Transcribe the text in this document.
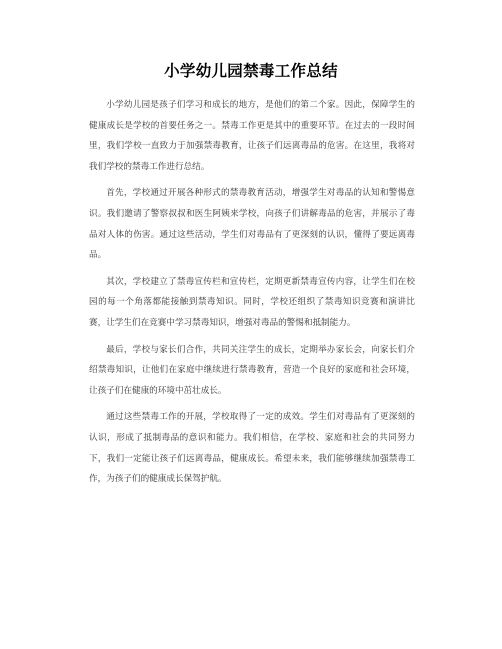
小学幼儿园禁毒工作总结

小学幼儿园是孩子们学习和成长的地方，是他们的第二个家。因此，保障学生的健康成长是学校的首要任务之一。禁毒工作更是其中的重要环节。在过去的一段时间里，我们学校一直致力于加强禁毒教育，让孩子们远离毒品的危害。在这里，我将对我们学校的禁毒工作进行总结。

首先，学校通过开展各种形式的禁毒教育活动，增强学生对毒品的认知和警惕意识。我们邀请了警察叔叔和医生阿姨来学校，向孩子们讲解毒品的危害，并展示了毒品对人体的伤害。通过这些活动，学生们对毒品有了更深刻的认识，懂得了要远离毒品。

其次，学校建立了禁毒宣传栏和宣传栏，定期更新禁毒宣传内容，让学生们在校园的每一个角落都能接触到禁毒知识。同时，学校还组织了禁毒知识竞赛和演讲比赛，让学生们在竞赛中学习禁毒知识，增强对毒品的警惕和抵制能力。

最后，学校与家长们合作，共同关注学生的成长，定期举办家长会，向家长们介绍禁毒知识，让他们在家庭中继续进行禁毒教育，营造一个良好的家庭和社会环境，让孩子们在健康的环境中茁壮成长。

通过这些禁毒工作的开展，学校取得了一定的成效。学生们对毒品有了更深刻的认识，形成了抵制毒品的意识和能力。我们相信，在学校、家庭和社会的共同努力下，我们一定能让孩子们远离毒品，健康成长。希望未来，我们能够继续加强禁毒工作，为孩子们的健康成长保驾护航。
